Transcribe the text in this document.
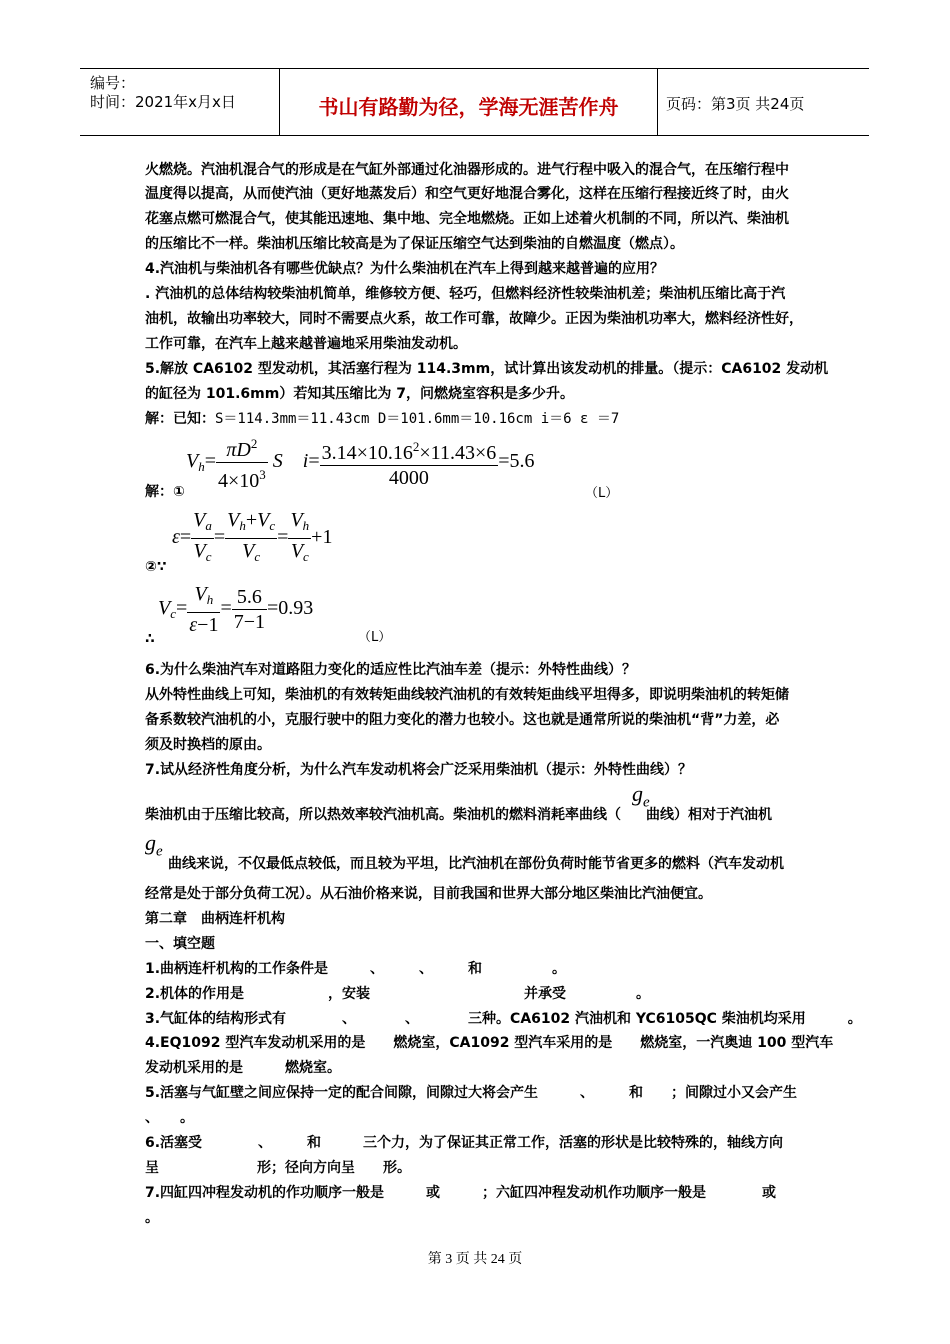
编号：
时间：2021年x月x日	书山有路勤为径，学海无涯苦作舟	页码：第3页 共24页
火燃烧。汽油机混合气的形成是在气缸外部通过化油器形成的。进气行程中吸入的混合气，在压缩行程中
温度得以提高，从而使汽油（更好地蒸发后）和空气更好地混合雾化，这样在压缩行程接近终了时，由火
花塞点燃可燃混合气，使其能迅速地、集中地、完全地燃烧。正如上述着火机制的不同，所以汽、柴油机
的压缩比不一样。柴油机压缩比较高是为了保证压缩空气达到柴油的自燃温度（燃点）。
4.汽油机与柴油机各有哪些优缺点？为什么柴油机在汽车上得到越来越普遍的应用？
. 汽油机的总体结构较柴油机简单，维修较方便、轻巧，但燃料经济性较柴油机差；柴油机压缩比高于汽
油机，故输出功率较大，同时不需要点火系，故工作可靠，故障少。正因为柴油机功率大，燃料经济性好，
工作可靠，在汽车上越来越普遍地采用柴油发动机。
5.解放 CA6102 型发动机，其活塞行程为 114.3mm，试计算出该发动机的排量。（提示：CA6102 发动机
的缸径为 101.6mm）若知其压缩比为 7，问燃烧室容积是多少升。
解：已知：S＝114.3mm＝11.43cm D＝101.6mm＝10.16cm i＝6 ε ＝7
$V_h= \frac{\pi D^2}{4\times 10^3}$ S $i= \frac{3.14\times 10.16^2\times 11.43\times 6}{4000} =5.6$
解：①	（L）
$\varepsilon= \frac{V_a}{V_c} = \frac{V_h+V_c}{V_c} = \frac{V_h}{V_c} +1$
②∵
$V_c= \frac{V_h}{\varepsilon-1} = \frac{5.6}{7-1} =0.93$
∴	（L）
6.为什么柴油汽车对道路阻力变化的适应性比汽油车差（提示：外特性曲线）？
从外特性曲线上可知，柴油机的有效转矩曲线较汽油机的有效转矩曲线平坦得多，即说明柴油机的转矩储
备系数较汽油机的小，克服行驶中的阻力变化的潜力也较小。这也就是通常所说的柴油机“背”力差，必
须及时换档的原由。
7.试从经济性角度分析，为什么汽车发动机将会广泛采用柴油机（提示：外特性曲线）？
$g_e$
柴油机由于压缩比较高，所以热效率较汽油机高。柴油机的燃料消耗率曲线（ 曲线）相对于汽油机
$g_e$
曲线来说，不仅最低点较低，而且较为平坦，比汽油机在部份负荷时能节省更多的燃料（汽车发动机
经常是处于部分负荷工况）。从石油价格来说，目前我国和世界大部分地区柴油比汽油便宜。
第二章　曲柄连杆机构
一、填空题
1.曲柄连杆机构的工作条件是　　　、　　　、　　　和　　　　　。
2.机体的作用是　　　　　　，安装　　　　　　　　　　　并承受　　　　　。
3.气缸体的结构形式有　　　　、　　　　、　　　　三种。CA6102 汽油机和 YC6105QC 柴油机均采用　　　。
4.EQ1092 型汽车发动机采用的是　　燃烧室，CA1092 型汽车采用的是　　燃烧室，一汽奥迪 100 型汽车
发动机采用的是　　　燃烧室。
5.活塞与气缸壁之间应保持一定的配合间隙，间隙过大将会产生　　　、　　　和　　；间隙过小又会产生
、　　。
6.活塞受　　　　、　　　和　　　三个力，为了保证其正常工作，活塞的形状是比较特殊的，轴线方向
呈　　　　　　　形；径向方向呈　　形。
7.四缸四冲程发动机的作功顺序一般是　　　或　　　；六缸四冲程发动机作功顺序一般是　　　　或
。
第 3 页 共 24 页
